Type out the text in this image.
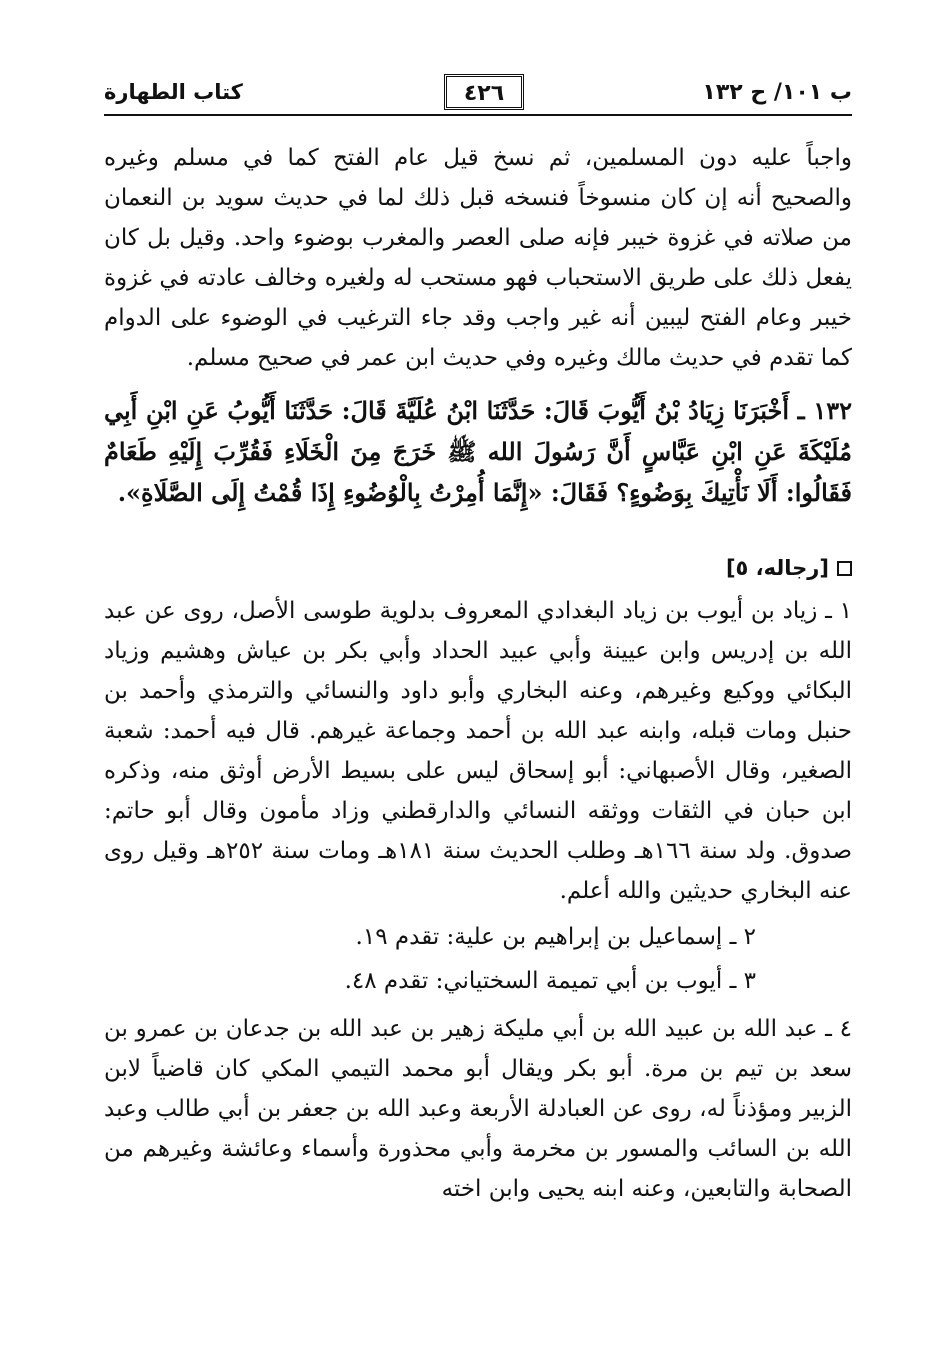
ب ١٠١/ ح ١٣٢
٤٢٦
كتاب الطهارة

واجباً عليه دون المسلمين، ثم نسخ قيل عام الفتح كما في مسلم وغيره والصحيح أنه إن كان منسوخاً فنسخه قبل ذلك لما في حديث سويد بن النعمان من صلاته في غزوة خيبر فإنه صلى العصر والمغرب بوضوء واحد. وقيل بل كان يفعل ذلك على طريق الاستحباب فهو مستحب له ولغيره وخالف عادته في غزوة خيبر وعام الفتح ليبين أنه غير واجب وقد جاء الترغيب في الوضوء على الدوام كما تقدم في حديث مالك وغيره وفي حديث ابن عمر في صحيح مسلم.

١٣٢ ـ أَخْبَرَنَا زِيَادُ بْنُ أَيُّوبَ قَالَ: حَدَّثَنَا ابْنُ عُلَيَّةَ قَالَ: حَدَّثَنَا أَيُّوبُ عَنِ ابْنِ أَبِي مُلَيْكَةَ عَنِ ابْنِ عَبَّاسٍ أَنَّ رَسُولَ الله ﷺ خَرَجَ مِنَ الْخَلَاءِ فَقُرِّبَ إِلَيْهِ طَعَامٌ فَقَالُوا: أَلَا نَأْتِيكَ بِوَضُوءٍ؟ فَقَالَ: «إِنَّمَا أُمِرْتُ بِالْوُضُوءِ إِذَا قُمْتُ إِلَى الصَّلَاةِ».

[رجاله، ٥]

١ ـ زياد بن أيوب بن زياد البغدادي المعروف بدلوية طوسى الأصل، روى عن عبد الله بن إدريس وابن عيينة وأبي عبيد الحداد وأبي بكر بن عياش وهشيم وزياد البكائي ووكيع وغيرهم، وعنه البخاري وأبو داود والنسائي والترمذي وأحمد بن حنبل ومات قبله، وابنه عبد الله بن أحمد وجماعة غيرهم. قال فيه أحمد: شعبة الصغير، وقال الأصبهاني: أبو إسحاق ليس على بسيط الأرض أوثق منه، وذكره ابن حبان في الثقات ووثقه النسائي والدارقطني وزاد مأمون وقال أبو حاتم: صدوق. ولد سنة ١٦٦هـ وطلب الحديث سنة ١٨١هـ ومات سنة ٢٥٢هـ وقيل روى عنه البخاري حديثين والله أعلم.

٢ ـ إسماعيل بن إبراهيم بن علية: تقدم ١٩.

٣ ـ أيوب بن أبي تميمة السختياني: تقدم ٤٨.

٤ ـ عبد الله بن عبيد الله بن أبي مليكة زهير بن عبد الله بن جدعان بن عمرو بن سعد بن تيم بن مرة. أبو بكر ويقال أبو محمد التيمي المكي كان قاضياً لابن الزبير ومؤذناً له، روى عن العبادلة الأربعة وعبد الله بن جعفر بن أبي طالب وعبد الله بن السائب والمسور بن مخرمة وأبي محذورة وأسماء وعائشة وغيرهم من الصحابة والتابعين، وعنه ابنه يحيى وابن اخته
